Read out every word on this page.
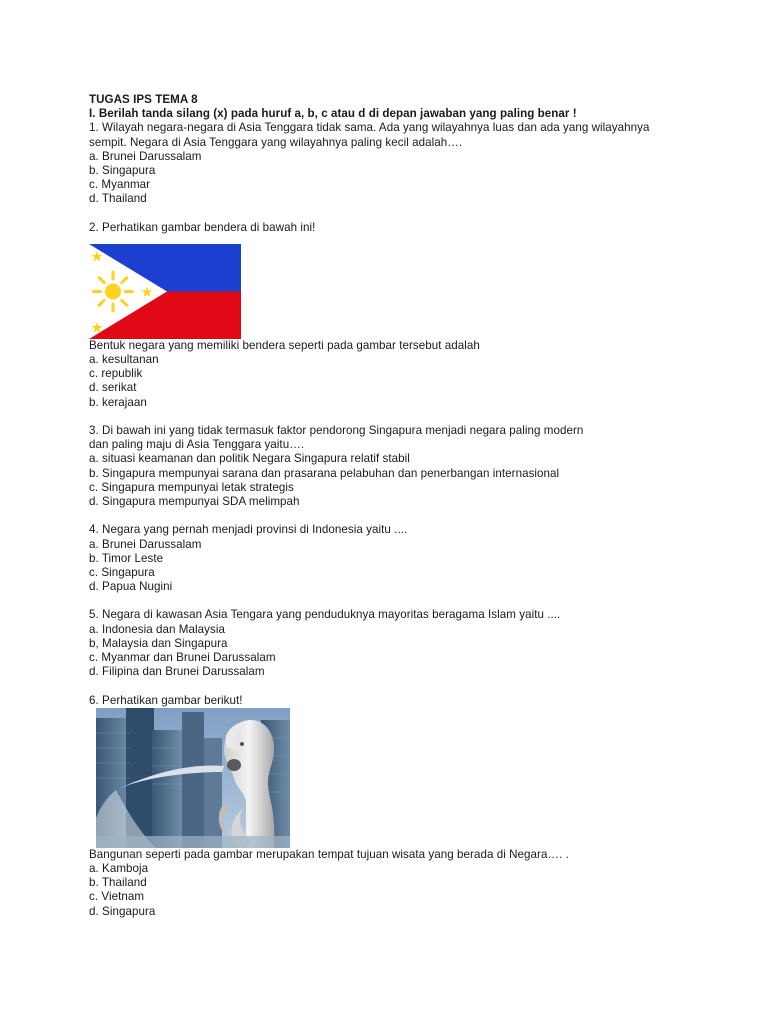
TUGAS IPS TEMA 8
I. Berilah tanda silang (x) pada huruf a, b, c atau d di depan jawaban yang paling benar !
1. Wilayah negara-negara di Asia Tenggara tidak sama. Ada yang wilayahnya luas dan ada yang wilayahnya
sempit. Negara di Asia Tenggara yang wilayahnya paling kecil adalah….
a. Brunei Darussalam
b. Singapura
c. Myanmar
d. Thailand
2. Perhatikan gambar bendera di bawah ini!
Bentuk negara yang memiliki bendera seperti pada gambar tersebut adalah
a. kesultanan
c. republik
d. serikat
b. kerajaan
3. Di bawah ini yang tidak termasuk faktor pendorong Singapura menjadi negara paling modern
dan paling maju di Asia Tenggara yaitu….
a. situasi keamanan dan politik Negara Singapura relatif stabil
b. Singapura mempunyai sarana dan prasarana pelabuhan dan penerbangan internasional
c. Singapura mempunyai letak strategis
d. Singapura mempunyai SDA melimpah
4. Negara yang pernah menjadi provinsi di Indonesia yaitu ....
a. Brunei Darussalam
b. Timor Leste
c. Singapura
d. Papua Nugini
5. Negara di kawasan Asia Tengara yang penduduknya mayoritas beragama Islam yaitu ....
a. Indonesia dan Malaysia
b, Malaysia dan Singapura
c. Myanmar dan Brunei Darussalam
d. Filipina dan Brunei Darussalam
6. Perhatikan gambar berikut!
Bangunan seperti pada gambar merupakan tempat tujuan wisata yang berada di Negara…. .
a. Kamboja
b. Thailand
c. Vietnam
d. Singapura
